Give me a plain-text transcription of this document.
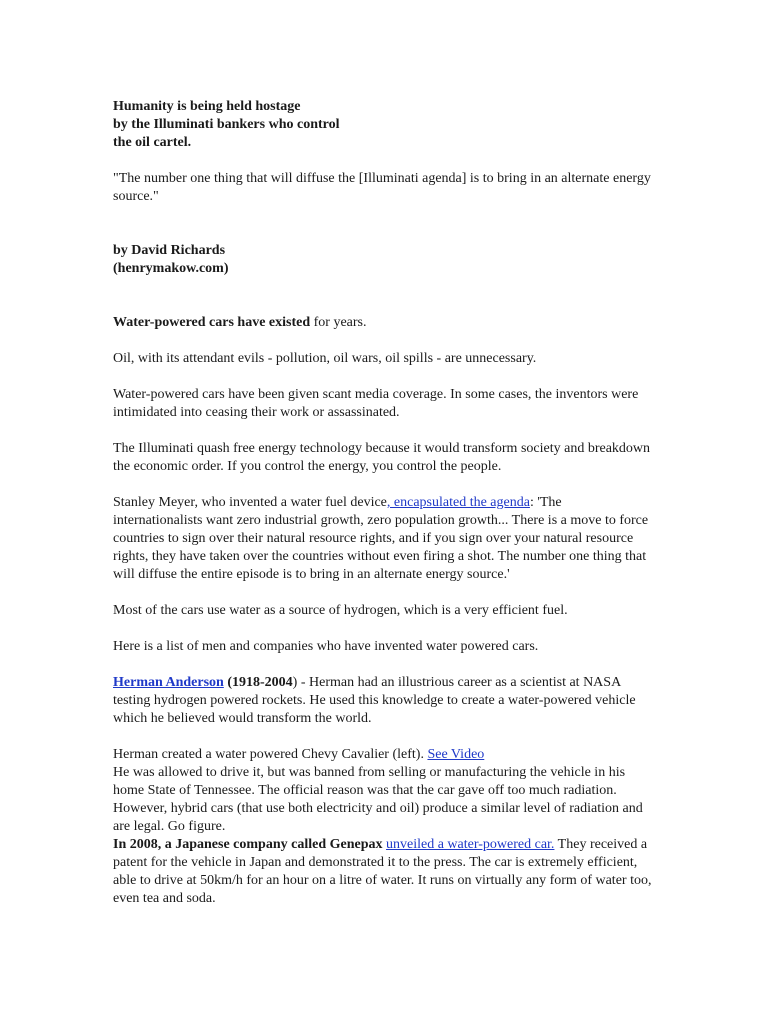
Humanity is being held hostage
by the Illuminati bankers who control
the oil cartel.

"The number one thing that will diffuse the [Illuminati agenda] is to bring in an alternate energy source."

by David Richards
(henrymakow.com)

Water-powered cars have existed for years.

Oil, with its attendant evils - pollution, oil wars, oil spills - are unnecessary.

Water-powered cars have been given scant media coverage. In some cases, the inventors were intimidated into ceasing their work or assassinated.

The Illuminati quash free energy technology because it would transform society and breakdown the economic order. If you control the energy, you control the people.

Stanley Meyer, who invented a water fuel device, encapsulated the agenda: 'The internationalists want zero industrial growth, zero population growth... There is a move to force countries to sign over their natural resource rights, and if you sign over your natural resource rights, they have taken over the countries without even firing a shot. The number one thing that will diffuse the entire episode is to bring in an alternate energy source.'

Most of the cars use water as a source of hydrogen, which is a very efficient fuel.

Here is a list of men and companies who have invented water powered cars.

Herman Anderson (1918-2004) - Herman had an illustrious career as a scientist at NASA testing hydrogen powered rockets. He used this knowledge to create a water-powered vehicle which he believed would transform the world.

Herman created a water powered Chevy Cavalier (left). See Video

He was allowed to drive it, but was banned from selling or manufacturing the vehicle in his home State of Tennessee. The official reason was that the car gave off too much radiation. However, hybrid cars (that use both electricity and oil) produce a similar level of radiation and are legal. Go figure.

In 2008, a Japanese company called Genepax unveiled a water-powered car. They received a patent for the vehicle in Japan and demonstrated it to the press. The car is extremely efficient, able to drive at 50km/h for an hour on a litre of water. It runs on virtually any form of water too, even tea and soda.
